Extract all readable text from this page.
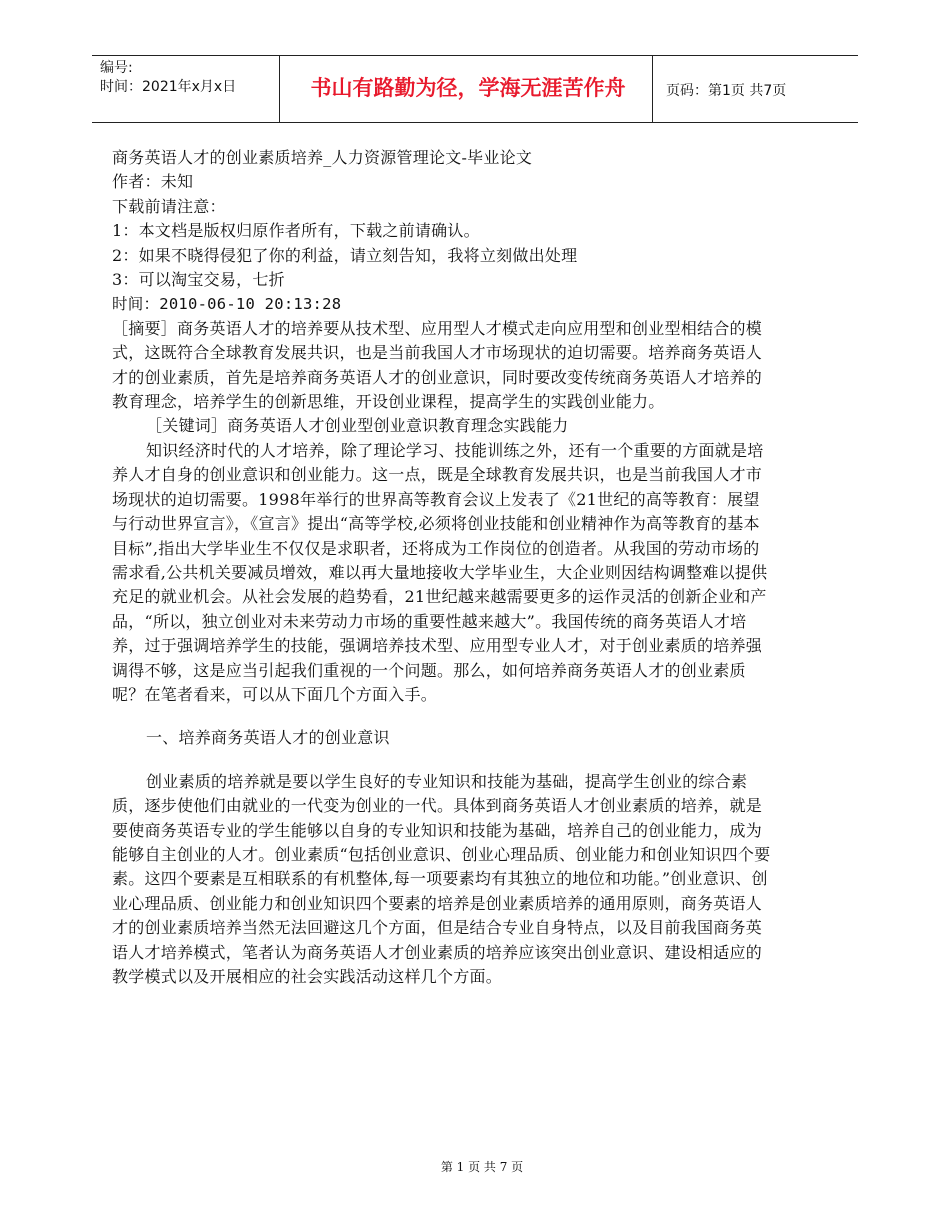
编号:
时间：2021年x月x日	书山有路勤为径，学海无涯苦作舟	页码：第1页 共7页

商务英语人才的创业素质培养_人力资源管理论文-毕业论文

作者：未知

下载前请注意：

1：本文档是版权归原作者所有，下载之前请确认。

2：如果不晓得侵犯了你的利益，请立刻告知，我将立刻做出处理

3：可以淘宝交易，七折

时间：2010-06-10 20:13:28

［摘要］商务英语人才的培养要从技术型、应用型人才模式走向应用型和创业型相结合的模式，这既符合全球教育发展共识，也是当前我国人才市场现状的迫切需要。培养商务英语人才的创业素质，首先是培养商务英语人才的创业意识，同时要改变传统商务英语人才培养的教育理念，培养学生的创新思维，开设创业课程，提高学生的实践创业能力。

［关键词］商务英语人才创业型创业意识教育理念实践能力

知识经济时代的人才培养，除了理论学习、技能训练之外，还有一个重要的方面就是培养人才自身的创业意识和创业能力。这一点，既是全球教育发展共识，也是当前我国人才市场现状的迫切需要。1998年举行的世界高等教育会议上发表了《21世纪的高等教育：展望与行动世界宣言》，《宣言》提出“高等学校,必须将创业技能和创业精神作为高等教育的基本目标”,指出大学毕业生不仅仅是求职者，还将成为工作岗位的创造者。从我国的劳动市场的需求看,公共机关要减员增效，难以再大量地接收大学毕业生，大企业则因结构调整难以提供充足的就业机会。从社会发展的趋势看，21世纪越来越需要更多的运作灵活的创新企业和产品，“所以，独立创业对未来劳动力市场的重要性越来越大”。我国传统的商务英语人才培养，过于强调培养学生的技能，强调培养技术型、应用型专业人才，对于创业素质的培养强调得不够，这是应当引起我们重视的一个问题。那么，如何培养商务英语人才的创业素质呢？在笔者看来，可以从下面几个方面入手。

一、培养商务英语人才的创业意识

创业素质的培养就是要以学生良好的专业知识和技能为基础，提高学生创业的综合素质，逐步使他们由就业的一代变为创业的一代。具体到商务英语人才创业素质的培养，就是要使商务英语专业的学生能够以自身的专业知识和技能为基础，培养自己的创业能力，成为能够自主创业的人才。创业素质“包括创业意识、创业心理品质、创业能力和创业知识四个要素。这四个要素是互相联系的有机整体,每一项要素均有其独立的地位和功能。”创业意识、创业心理品质、创业能力和创业知识四个要素的培养是创业素质培养的通用原则，商务英语人才的创业素质培养当然无法回避这几个方面，但是结合专业自身特点，以及目前我国商务英语人才培养模式，笔者认为商务英语人才创业素质的培养应该突出创业意识、建设相适应的教学模式以及开展相应的社会实践活动这样几个方面。

第 1 页 共 7 页
